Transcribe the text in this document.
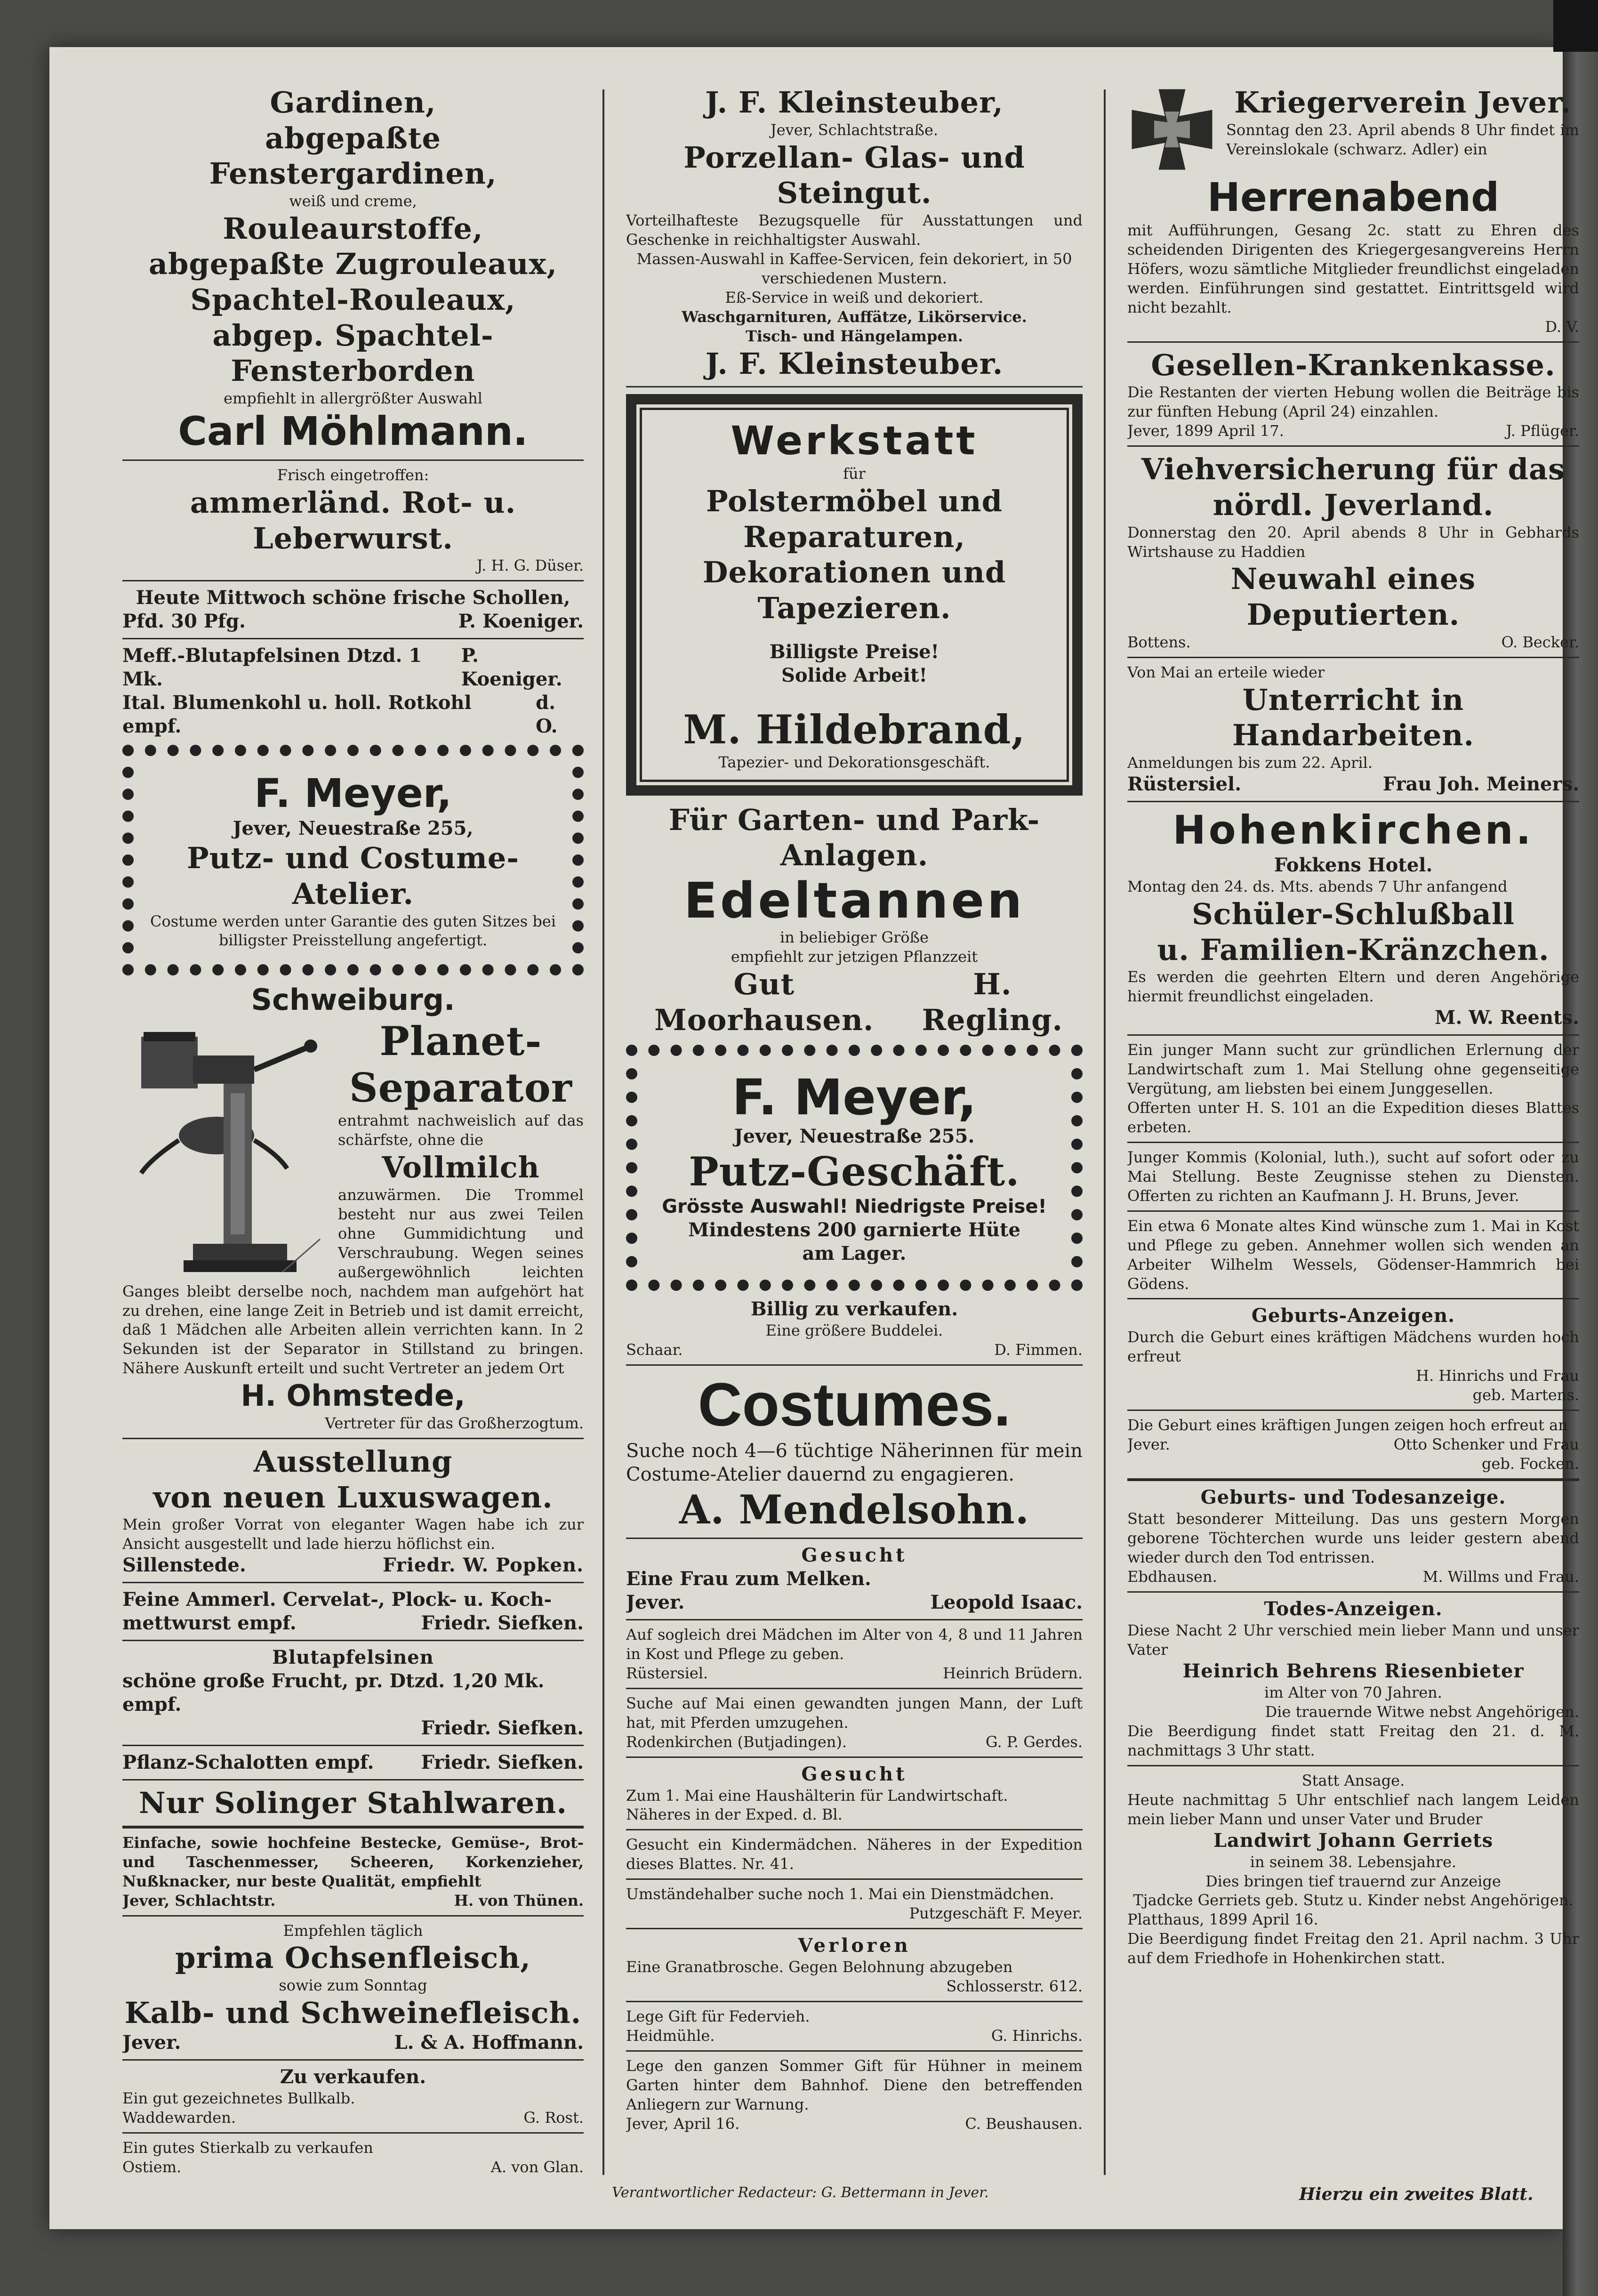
Gardinen,
abgepaßte Fenstergardinen,
weiß und creme,
Rouleaurstoffe,
abgepaßte Zugrouleaux,
Spachtel-Rouleaux,
abgep. Spachtel-Fensterborden
empfiehlt in allergrößter Auswahl
Carl Möhlmann.
Frisch eingetroffen:
ammerländ. Rot- u. Leberwurst.
J. H. G. Düser.
Heute Mittwoch schöne frische Schollen,
Pfd. 30 Pfg.	P. Koeniger.
Meff.-Blutapfelsinen Dtzd. 1 Mk.
P. Koeniger.
Ital. Blumenkohl u. holl. Rotkohl empf.
d. O.
F. Meyer,
Jever, Neuestraße 255,
Putz- und Costume-Atelier.
Costume werden unter Garantie des guten Sitzes bei billigster Preisstellung angefertigt.
Schweiburg.
Planet-
Separator
entrahmt nachweislich auf das schärfste, ohne die
Vollmilch
anzuwärmen. Die Trommel besteht nur aus zwei Teilen ohne Gummidichtung und Verschraubung. Wegen seines außergewöhnlich leichten Ganges bleibt derselbe noch, nachdem man aufgehört hat zu drehen, eine lange Zeit in Betrieb und ist damit erreicht, daß 1 Mädchen alle Arbeiten allein verrichten kann. In 2 Sekunden ist der Separator in Stillstand zu bringen. Nähere Auskunft erteilt und sucht Vertreter an jedem Ort
H. Ohmstede,
Vertreter für das Großherzogtum.
Ausstellung
von neuen Luxuswagen.
Mein großer Vorrat von eleganter Wagen habe ich zur Ansicht ausgestellt und lade hierzu höflichst ein.
Sillenstede.	Friedr. W. Popken.
Feine Ammerl. Cervelat-, Plock- u. Koch-
mettwurst empf.	Friedr. Siefken.
Blutapfelsinen
schöne große Frucht, pr. Dtzd. 1,20 Mk. empf.
Friedr. Siefken.
Pflanz-Schalotten empf.	Friedr. Siefken.
Nur Solinger Stahlwaren.
Einfache, sowie hochfeine Bestecke, Gemüse-, Brot- und Taschenmesser, Scheeren, Korkenzieher, Nußknacker, nur beste Qualität, empfiehlt
Jever, Schlachtstr.	H. von Thünen.
Empfehlen täglich
prima Ochsenfleisch,
sowie zum Sonntag
Kalb- und Schweinefleisch.
Jever.	L. & A. Hoffmann.
Zu verkaufen.
Ein gut gezeichnetes Bullkalb.
Waddewarden.	G. Rost.
Ein gutes Stierkalb zu verkaufen
Ostiem.	A. von Glan.
J. F. Kleinsteuber,
Jever, Schlachtstraße.
Porzellan- Glas- und Steingut.
Vorteilhafteste Bezugsquelle für Ausstattungen und Geschenke in reichhaltigster Auswahl.
Massen-Auswahl in Kaffee-Servicen, fein dekoriert, in 50 verschiedenen Mustern.
Eß-Service in weiß und dekoriert.
Waschgarnituren, Auffätze, Likörservice.
Tisch- und Hängelampen.
J. F. Kleinsteuber.
Werkstatt
für
Polstermöbel und Reparaturen,
Dekorationen und Tapezieren.
Billigste Preise!
Solide Arbeit!
M. Hildebrand,
Tapezier- und Dekorationsgeschäft.
Für Garten- und Park-Anlagen.
Edeltannen
in beliebiger Größe
empfiehlt zur jetzigen Pflanzzeit
Gut Moorhausen.
H. Regling.
F. Meyer,
Jever, Neuestraße 255.
Putz-Geschäft.
Grösste Auswahl! Niedrigste Preise!
Mindestens 200 garnierte Hüte
am Lager.
Billig zu verkaufen.
Eine größere Buddelei.
Schaar.	D. Fimmen.
Costumes.
Suche noch 4—6 tüchtige Näherinnen für mein Costume-Atelier dauernd zu engagieren.
A. Mendelsohn.
Gesucht
Eine Frau zum Melken.
Jever.	Leopold Isaac.
Auf sogleich drei Mädchen im Alter von 4, 8 und 11 Jahren in Kost und Pflege zu geben.
Rüstersiel.	Heinrich Brüdern.
Suche auf Mai einen gewandten jungen Mann, der Luft hat, mit Pferden umzugehen.
Rodenkirchen (Butjadingen).	G. P. Gerdes.
Gesucht
Zum 1. Mai eine Haushälterin für Landwirtschaft.
Näheres in der Exped. d. Bl.
Gesucht ein Kindermädchen. Näheres in der Expedition dieses Blattes. Nr. 41.
Umständehalber suche noch 1. Mai ein Dienstmädchen.
Putzgeschäft F. Meyer.
Verloren
Eine Granatbrosche. Gegen Belohnung abzugeben
Schlosserstr. 612.
Lege Gift für Federvieh.
Heidmühle.	G. Hinrichs.
Lege den ganzen Sommer Gift für Hühner in meinem Garten hinter dem Bahnhof. Diene den betreffenden Anliegern zur Warnung.
Jever, April 16.	C. Beushausen.
Kriegerverein Jever.
Sonntag den 23. April abends 8 Uhr findet im Vereinslokale (schwarz. Adler) ein
Herrenabend
mit Aufführungen, Gesang 2c. statt zu Ehren des scheidenden Dirigenten des Kriegergesangvereins Herrn Höfers, wozu sämtliche Mitglieder freundlichst eingeladen werden. Einführungen sind gestattet. Eintrittsgeld wird nicht bezahlt.
D. V.
Gesellen-Krankenkasse.
Die Restanten der vierten Hebung wollen die Beiträge bis zur fünften Hebung (April 24) einzahlen.
Jever, 1899 April 17.	J. Pflüger.
Viehversicherung für das nördl. Jeverland.
Donnerstag den 20. April abends 8 Uhr in Gebhards Wirtshause zu Haddien
Neuwahl eines Deputierten.
Bottens.	O. Becker.
Von Mai an erteile wieder
Unterricht in Handarbeiten.
Anmeldungen bis zum 22. April.
Rüstersiel.	Frau Joh. Meiners.
Hohenkirchen.
Fokkens Hotel.
Montag den 24. ds. Mts. abends 7 Uhr anfangend
Schüler-Schlußball
u. Familien-Kränzchen.
Es werden die geehrten Eltern und deren Angehörige hiermit freundlichst eingeladen.
M. W. Reents.
Ein junger Mann sucht zur gründlichen Erlernung der Landwirtschaft zum 1. Mai Stellung ohne gegenseitige Vergütung, am liebsten bei einem Junggesellen.
Offerten unter H. S. 101 an die Expedition dieses Blattes erbeten.
Junger Kommis (Kolonial, luth.), sucht auf sofort oder zu Mai Stellung. Beste Zeugnisse stehen zu Diensten. Offerten zu richten an Kaufmann J. H. Bruns, Jever.
Ein etwa 6 Monate altes Kind wünsche zum 1. Mai in Kost und Pflege zu geben. Annehmer wollen sich wenden an Arbeiter Wilhelm Wessels, Gödenser-Hammrich bei Gödens.
Geburts-Anzeigen.
Durch die Geburt eines kräftigen Mädchens wurden hoch erfreut
H. Hinrichs und Frau
geb. Martens.
Die Geburt eines kräftigen Jungen zeigen hoch erfreut an
Jever.	Otto Schenker und Frau
geb. Focken.
Geburts- und Todesanzeige.
Statt besonderer Mitteilung. Das uns gestern Morgen geborene Töchterchen wurde uns leider gestern abend wieder durch den Tod entrissen.
Ebdhausen.	M. Willms und Frau.
Todes-Anzeigen.
Diese Nacht 2 Uhr verschied mein lieber Mann und unser Vater
Heinrich Behrens Riesenbieter
im Alter von 70 Jahren.
Die trauernde Witwe nebst Angehörigen.
Die Beerdigung findet statt Freitag den 21. d. M. nachmittags 3 Uhr statt.
Statt Ansage.
Heute nachmittag 5 Uhr entschlief nach langem Leiden mein lieber Mann und unser Vater und Bruder
Landwirt Johann Gerriets
in seinem 38. Lebensjahre.
Dies bringen tief trauernd zur Anzeige
Tjadcke Gerriets geb. Stutz u. Kinder nebst Angehörigen.
Platthaus, 1899 April 16.
Die Beerdigung findet Freitag den 21. April nachm. 3 Uhr auf dem Friedhofe in Hohenkirchen statt.
Verantwortlicher Redacteur: G. Bettermann in Jever.	Hierzu ein zweites Blatt.
